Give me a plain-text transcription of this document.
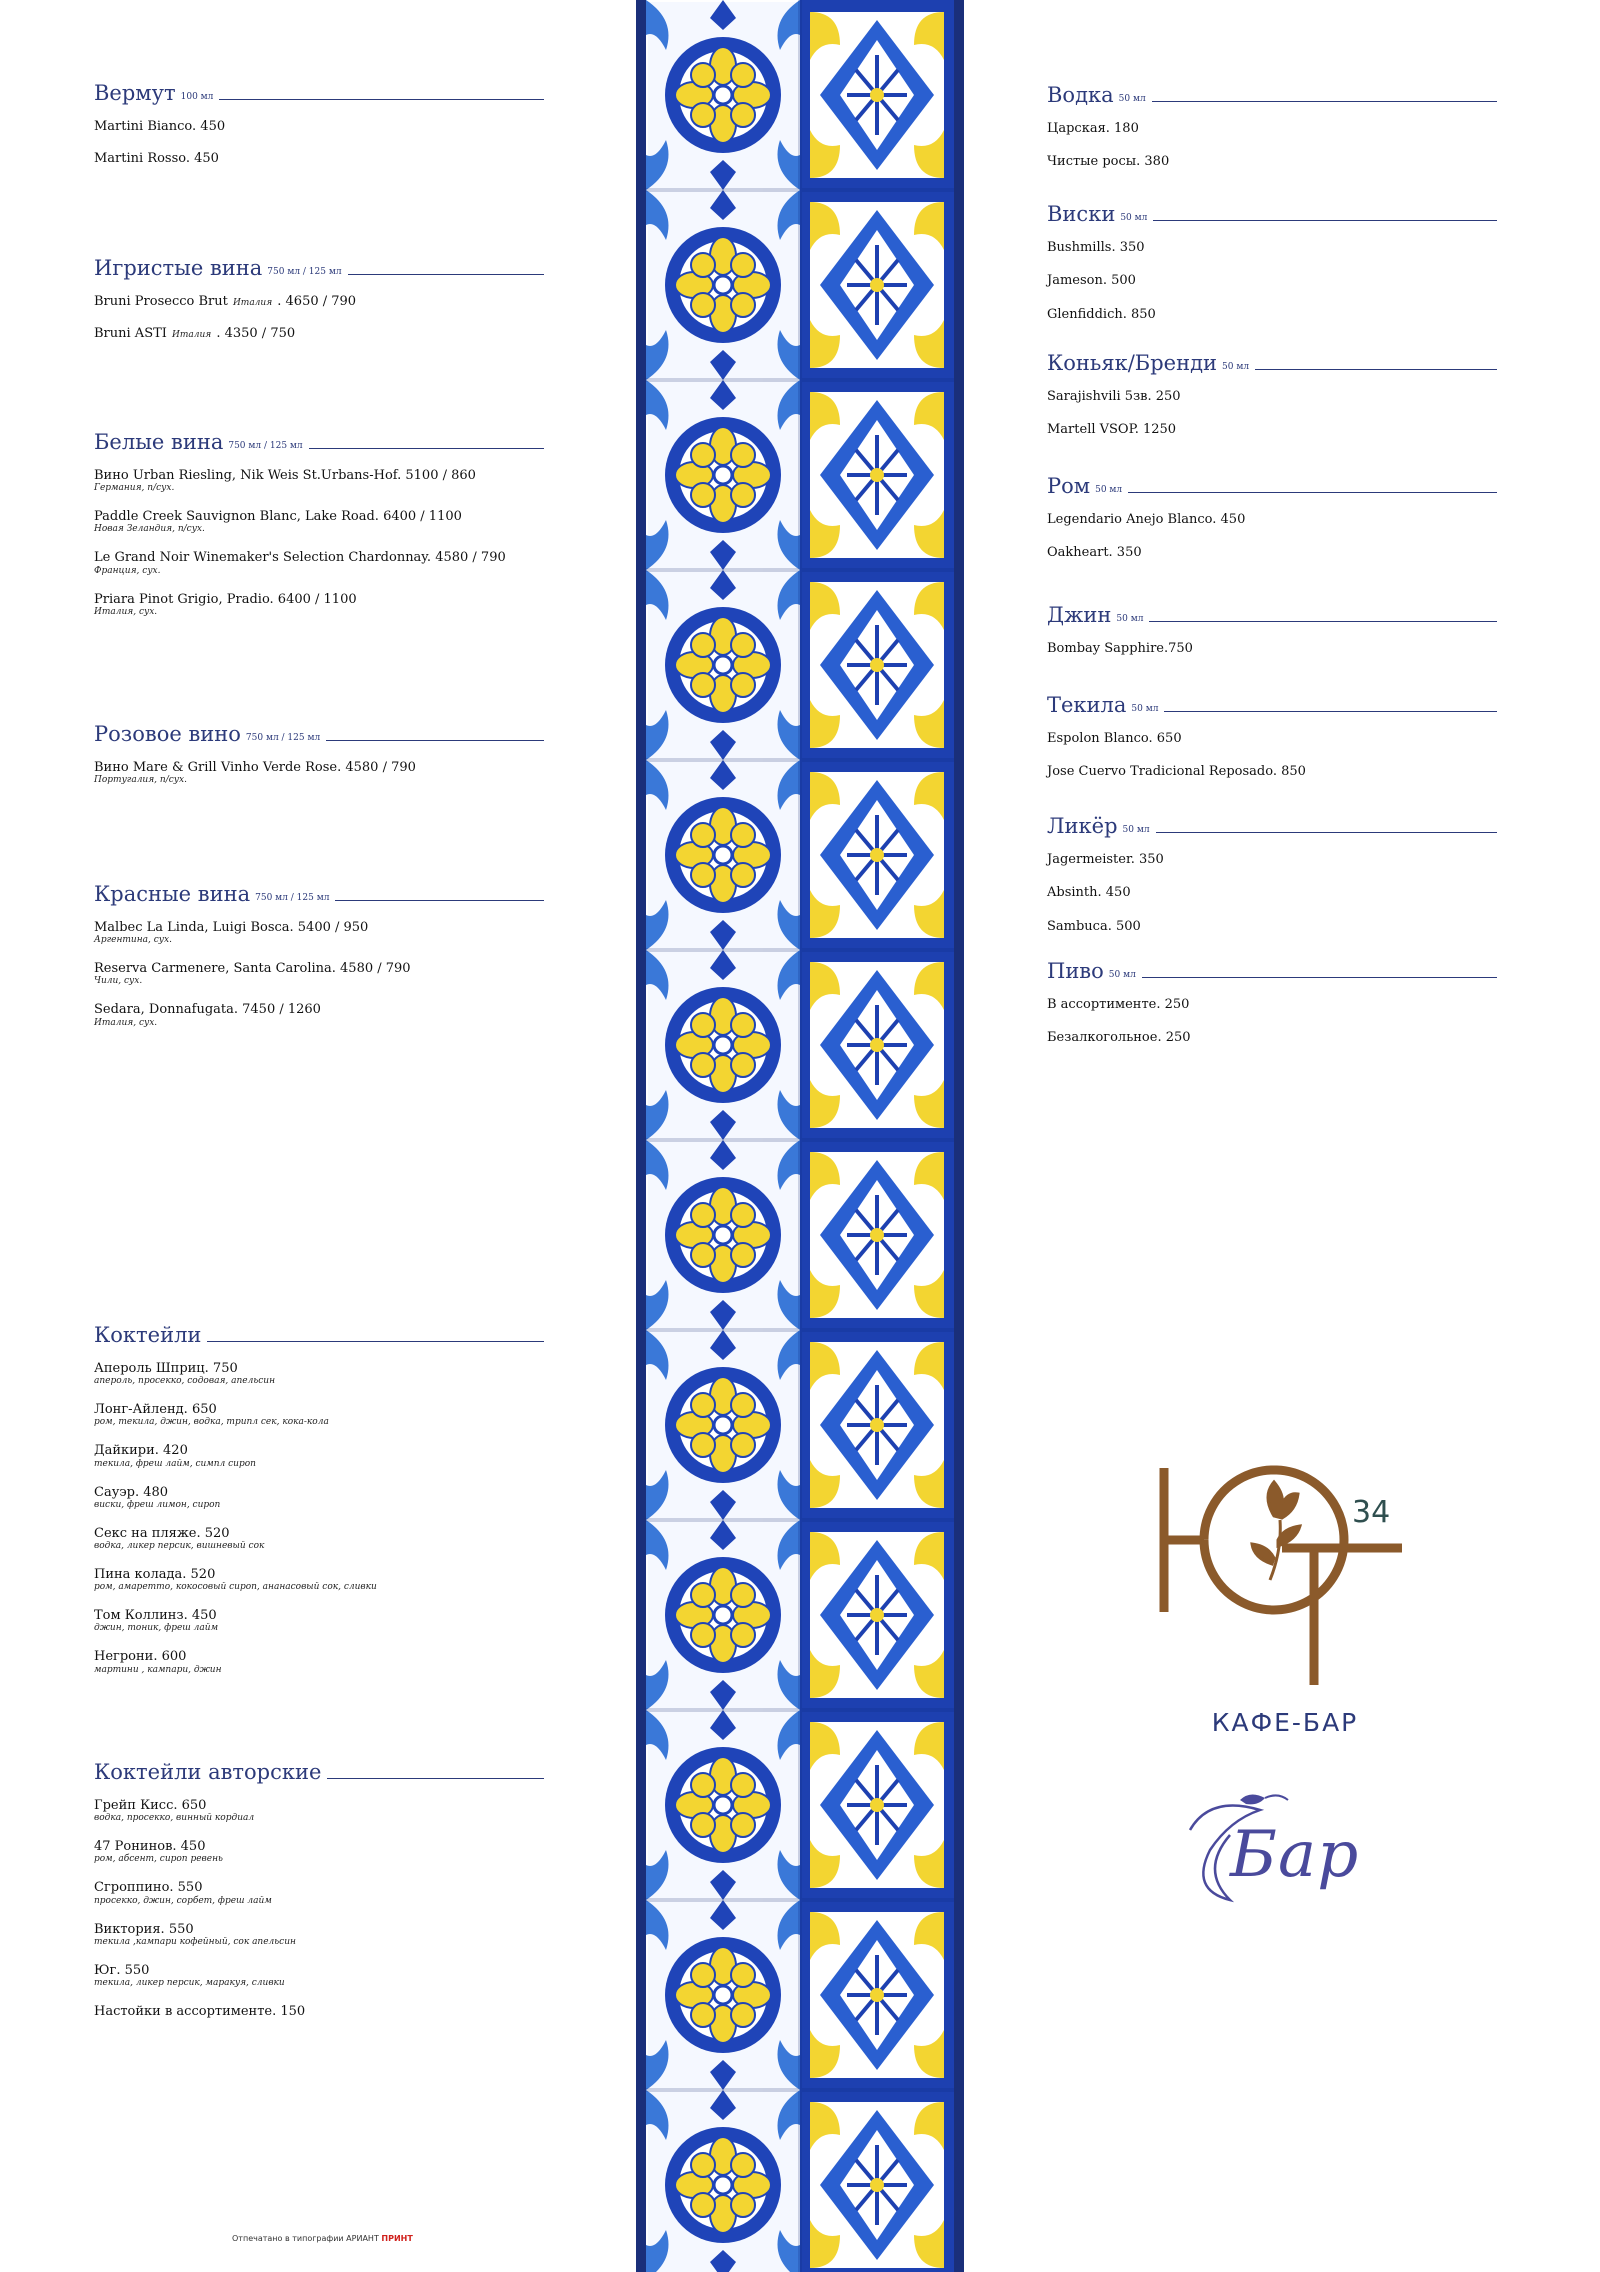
Вермут 100 мл
Martini Bianco. 450
Martini Rosso. 450
Игристые вина 750 мл / 125 мл
Bruni Prosecco Brut Италия . 4650 / 790
Bruni ASTI Италия . 4350 / 750
Белые вина 750 мл / 125 мл
Вино Urban Riesling, Nik Weis St.Urbans-Hof. 5100 / 860
Германия, п/сух.
Paddle Creek Sauvignon Blanc, Lake Road. 6400 / 1100
Новая Зеландия, п/сух.
Le Grand Noir Winemaker's Selection Chardonnay. 4580 / 790
Франция, сух.
Priara Pinot Grigio, Pradio. 6400 / 1100
Италия, сух.
Розовое вино 750 мл / 125 мл
Вино Mare & Grill Vinho Verde Rose. 4580 / 790
Португалия, п/сух.
Красные вина 750 мл / 125 мл
Malbec La Linda, Luigi Bosca. 5400 / 950
Аргентина, сух.
Reserva Carmenere, Santa Carolina. 4580 / 790
Чили, сух.
Sedara, Donnafugata. 7450 / 1260
Италия, сух.
Коктейли
Апероль Шприц. 750
апероль, просекко, содовая, апельсин
Лонг-Айленд. 650
ром, текила, джин, водка, трипл сек, кока-кола
Дайкири. 420
текила, фреш лайм, симпл сироп
Сауэр. 480
виски, фреш лимон, сироп
Секс на пляже. 520
водка, ликер персик, вишневый сок
Пина колада. 520
ром, амаретто, кокосовый сироп, ананасовый сок, сливки
Том Коллинз. 450
джин, тоник, фреш лайм
Негрони. 600
мартини , кампари, джин
Коктейли авторские
Грейп Кисс. 650
водка, просекко, винный кордиал
47 Ронинов. 450
ром, абсент, сироп ревень
Сгроппино. 550
просекко, джин, сорбет, фреш лайм
Виктория. 550
текила ,кампари кофейный, сок апельсин
Юг. 550
текила, ликер персик, маракуя, сливки
Настойки в ассортименте. 150
Водка 50 мл
Царская. 180
Чистые росы. 380
Виски 50 мл
Bushmills. 350
Jameson. 500
Glenfiddich. 850
Коньяк/Бренди 50 мл
Sarajishvili 5зв. 250
Martell VSOP. 1250
Ром 50 мл
Legendario Anejo Blanco. 450
Oakheart. 350
Джин 50 мл
Bombay Sapphire.750
Текила 50 мл
Espolon Blanco. 650
Jose Cuervo Tradicional Reposado. 850
Ликёр 50 мл
Jagermeister. 350
Absinth. 450
Sambuca. 500
Пиво 50 мл
В ассортименте. 250
Безалкогольное. 250
34
КАФЕ-БАР
Бар
Отпечатано в типографии АРИАНТ ПРИНТ
